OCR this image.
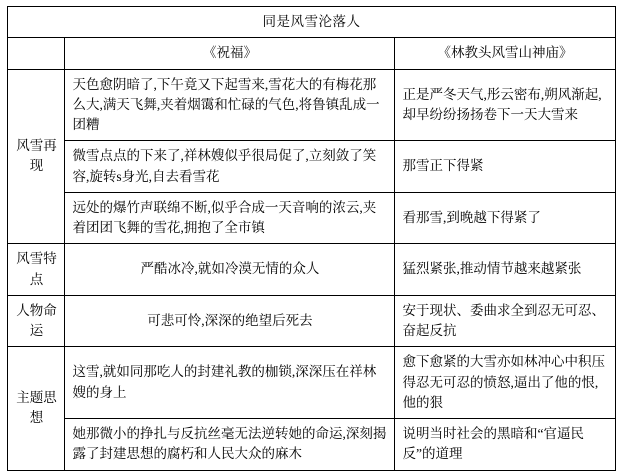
同是风雪沦落人		
	《祝福》	《林教头风雪山神庙》
风雪再现	天色愈阴暗了,下午竟又下起雪来,雪花大的有梅花那么大,满天飞舞,夹着烟霭和忙碌的气色,将鲁镇乱成一团糟	正是严冬天气,彤云密布,朔风渐起,却早纷纷扬扬卷下一天大雪来
	微雪点点的下来了,祥林嫂似乎很局促了,立刻敛了笑容,旋转ѕ身光,自去看雪花	那雪正下得紧
	远处的爆竹声联绵不断,似乎合成一天音响的浓云,夹着团团飞舞的雪花,拥抱了全市镇	看那雪,到晚越下得紧了
风雪特点	严酷冰冷,就如冷漠无情的众人	猛烈紧张,推动情节越来越紧张
人物命运	可悲可怜,深深的绝望后死去	安于现状、委曲求全到忍无可忍、奋起反抗
主题思想	这雪,就如同那吃人的封建礼教的枷锁,深深压在祥林嫂的身上	愈下愈紧的大雪亦如林冲心中积压得忍无可忍的愤怒,逼出了他的恨,他的狠
	她那微小的挣扎与反抗丝毫无法逆转她的命运,深刻揭露了封建思想的腐朽和人民大众的麻木	说明当时社会的黑暗和“官逼民反”的道理
